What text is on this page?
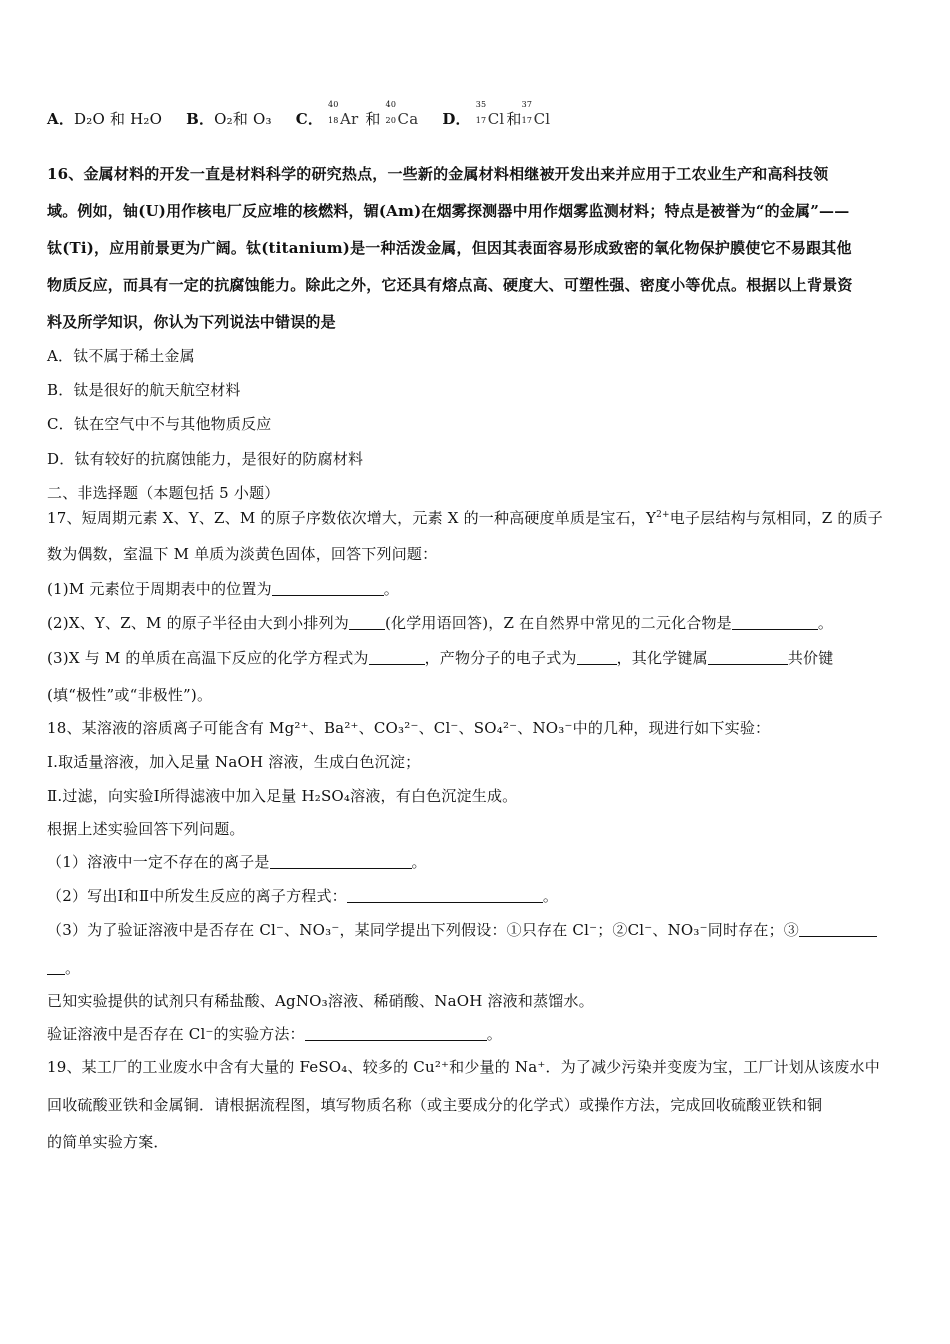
A．D₂O 和 H₂O B．O₂和 O₃ C．
40
18 Ar 和
40
20 Ca D．
35
17 Cl 和
37
17 Cl
16、金属材料的开发一直是材料科学的研究热点，一些新的金属材料相继被开发出来并应用于工农业生产和高科技领
域。例如，铀(U)用作核电厂反应堆的核燃料，镅(Am)在烟雾探测器中用作烟雾监测材料；特点是被誉为“的金属”——
钛(Ti)，应用前景更为广阔。钛(titanium)是一种活泼金属，但因其表面容易形成致密的氧化物保护膜使它不易跟其他
物质反应，而具有一定的抗腐蚀能力。除此之外，它还具有熔点高、硬度大、可塑性强、密度小等优点。根据以上背景资
料及所学知识，你认为下列说法中错误的是
A．钛不属于稀土金属
B．钛是很好的航天航空材料
C．钛在空气中不与其他物质反应
D．钛有较好的抗腐蚀能力，是很好的防腐材料
二、非选择题（本题包括 5 小题）
17、短周期元素 X、Y、Z、M 的原子序数依次增大，元素 X 的一种高硬度单质是宝石，$Y^{2+}$电子层结构与氖相同，Z 的质子
数为偶数，室温下 M 单质为淡黄色固体，回答下列问题：
(1)M 元素位于周期表中的位置为	。
(2)X、Y、Z、M 的原子半径由大到小排列为 (化学用语回答)，Z 在自然界中常见的二元化合物是	。
(3)X 与 M 的单质在高温下反应的化学方程式为	，产物分子的电子式为	，其化学键属	共价键
(填“极性”或“非极性”)。
18、某溶液的溶质离子可能含有 Mg²⁺、Ba²⁺、CO₃²⁻、Cl⁻、SO₄²⁻、NO₃⁻中的几种，现进行如下实验：
Ⅰ.取适量溶液，加入足量 NaOH 溶液，生成白色沉淀；
Ⅱ.过滤，向实验Ⅰ所得滤液中加入足量 H₂SO₄溶液，有白色沉淀生成。
根据上述实验回答下列问题。
（1）溶液中一定不存在的离子是	。
（2）写出Ⅰ和Ⅱ中所发生反应的离子方程式：	。
（3）为了验证溶液中是否存在 Cl⁻、NO₃⁻，某同学提出下列假设：①只存在 Cl⁻；②Cl⁻、NO₃⁻同时存在；③
。
已知实验提供的试剂只有稀盐酸、AgNO₃溶液、稀硝酸、NaOH 溶液和蒸馏水。
验证溶液中是否存在 Cl⁻的实验方法：	。
19、某工厂的工业废水中含有大量的 FeSO₄、较多的 Cu²⁺和少量的 Na⁺．为了减少污染并变废为宝，工厂计划从该废水中
回收硫酸亚铁和金属铜．请根据流程图，填写物质名称（或主要成分的化学式）或操作方法，完成回收硫酸亚铁和铜
的简单实验方案．
